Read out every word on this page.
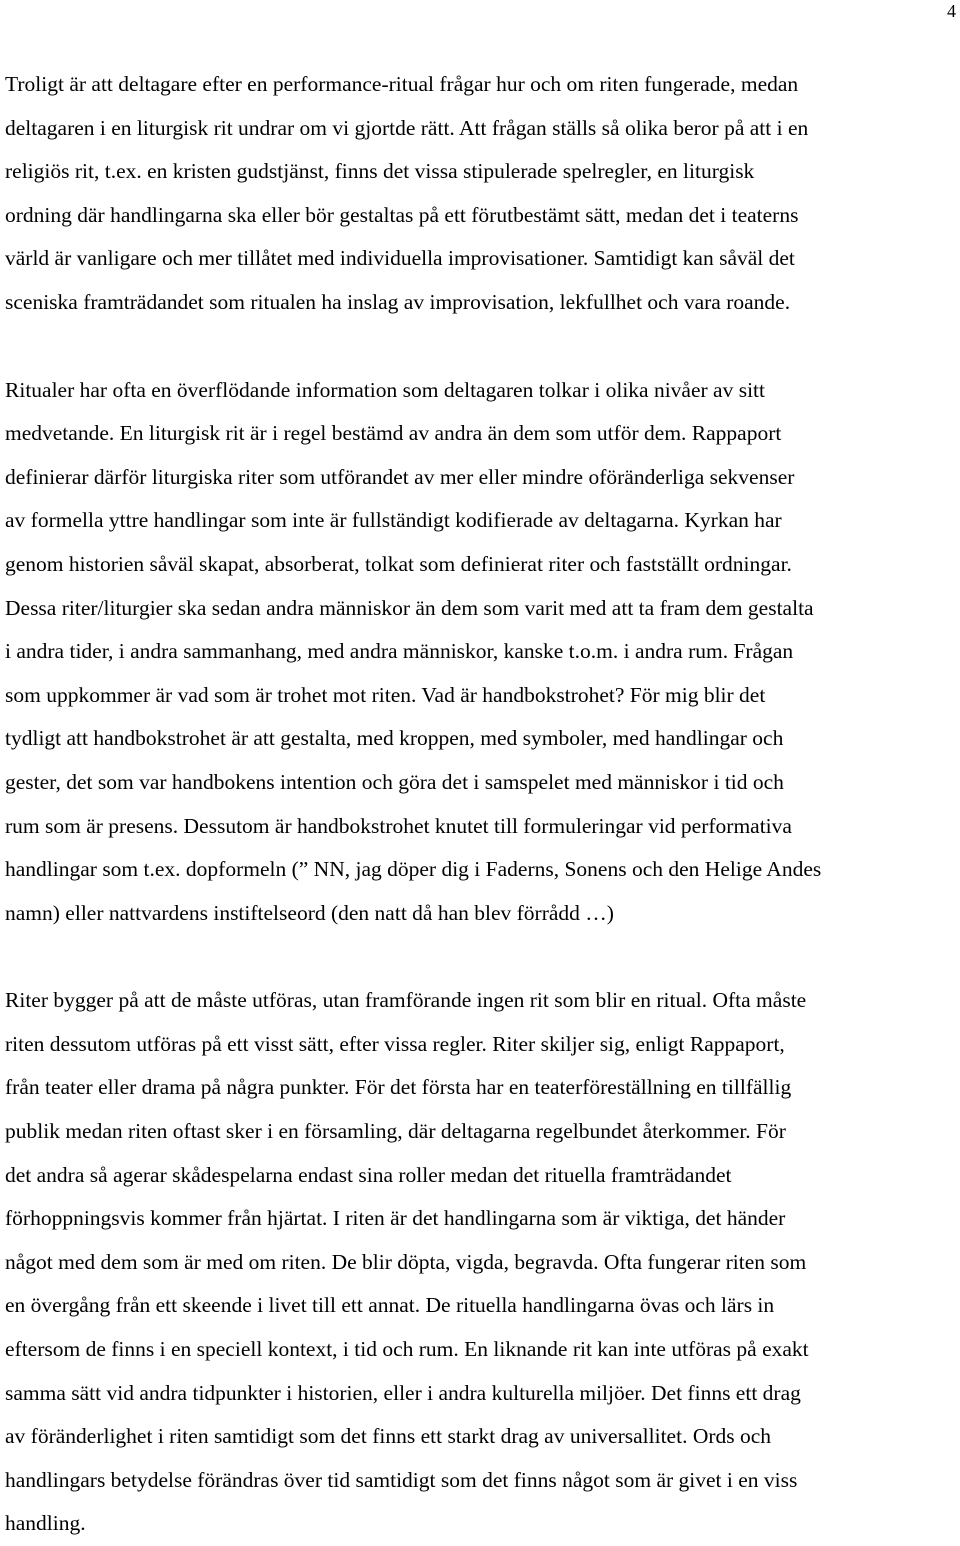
4
Troligt är att deltagare efter en performance-ritual frågar hur och om riten fungerade, medan
deltagaren i en liturgisk rit undrar om vi gjortde rätt. Att frågan ställs så olika beror på att i en
religiös rit, t.ex. en kristen gudstjänst, finns det vissa stipulerade spelregler, en liturgisk
ordning där handlingarna ska eller bör gestaltas på ett förutbestämt sätt, medan det i teaterns
värld är vanligare och mer tillåtet med individuella improvisationer. Samtidigt kan såväl det
sceniska framträdandet som ritualen ha inslag av improvisation, lekfullhet och vara roande.
Ritualer har ofta en överflödande information som deltagaren tolkar i olika nivåer av sitt
medvetande. En liturgisk rit är i regel bestämd av andra än dem som utför dem. Rappaport
definierar därför liturgiska riter som utförandet av mer eller mindre oföränderliga sekvenser
av formella yttre handlingar som inte är fullständigt kodifierade av deltagarna. Kyrkan har
genom historien såväl skapat, absorberat, tolkat som definierat riter och fastställt ordningar.
Dessa riter/liturgier ska sedan andra människor än dem som varit med att ta fram dem gestalta
i andra tider, i andra sammanhang, med andra människor, kanske t.o.m. i andra rum. Frågan
som uppkommer är vad som är trohet mot riten. Vad är handbokstrohet? För mig blir det
tydligt att handbokstrohet är att gestalta, med kroppen, med symboler, med handlingar och
gester, det som var handbokens intention och göra det i samspelet med människor i tid och
rum som är presens. Dessutom är handbokstrohet knutet till formuleringar vid performativa
handlingar som t.ex. dopformeln (” NN, jag döper dig i Faderns, Sonens och den Helige Andes
namn) eller nattvardens instiftelseord (den natt då han blev förrådd …)
Riter bygger på att de måste utföras, utan framförande ingen rit som blir en ritual. Ofta måste
riten dessutom utföras på ett visst sätt, efter vissa regler. Riter skiljer sig, enligt Rappaport,
från teater eller drama på några punkter. För det första har en teaterföreställning en tillfällig
publik medan riten oftast sker i en församling, där deltagarna regelbundet återkommer. För
det andra så agerar skådespelarna endast sina roller medan det rituella framträdandet
förhoppningsvis kommer från hjärtat. I riten är det handlingarna som är viktiga, det händer
något med dem som är med om riten. De blir döpta, vigda, begravda. Ofta fungerar riten som
en övergång från ett skeende i livet till ett annat. De rituella handlingarna övas och lärs in
eftersom de finns i en speciell kontext, i tid och rum. En liknande rit kan inte utföras på exakt
samma sätt vid andra tidpunkter i historien, eller i andra kulturella miljöer. Det finns ett drag
av föränderlighet i riten samtidigt som det finns ett starkt drag av universallitet. Ords och
handlingars betydelse förändras över tid samtidigt som det finns något som är givet i en viss
handling.
